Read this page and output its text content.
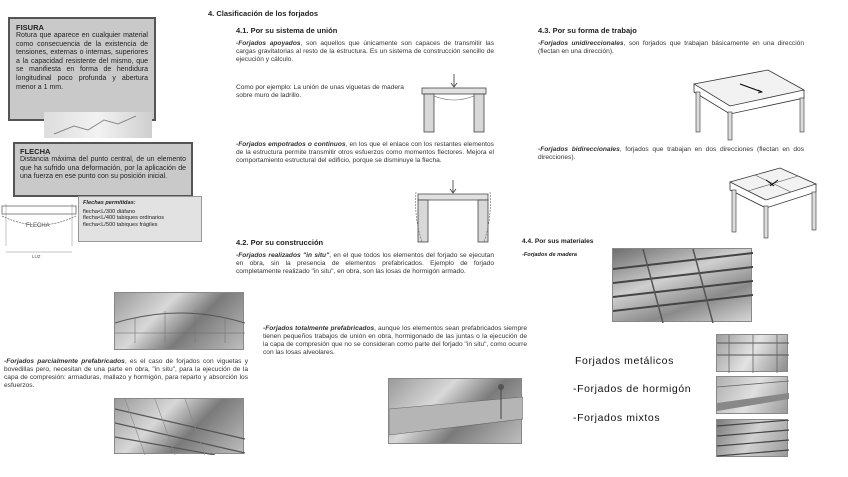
FISURA
Rotura que aparece en cualquier material como consecuencia de la existencia de tensiones, externas o internas, superiores a la capacidad resistente del mismo, que se manifiesta en forma de hendidura longitudinal poco profunda y abertura menor a 1 mm.
FLECHA
Distancia máxima del punto central, de un elemento que ha sufrido una deformación, por la aplicación de una fuerza en ese punto con su posición inicial.
FLECHA
LUZ
Flechas permitidas:
flecha<L/300 diáfano
flecha<L/400 tabiques ordinarios
flecha<L/500 tabiques frágiles
4. Clasificación de los forjados
4.1. Por su sistema de unión
-Forjados apoyados, son aquellos que únicamente son capaces de transmitir las cargas gravitatorias al resto de la estructura. Es un sistema de construcción sencillo de ejecución y cálculo.
Como por ejemplo: La unión de unas viguetas de madera sobre muro de ladrillo.
-Forjados empotrados o continuos, en los que el enlace con los restantes elementos de la estructura permite transmitir otros esfuerzos como momentos flectores. Mejora el comportamiento estructural del edificio, porque se disminuye la flecha.
4.2. Por su construcción
-Forjados realizados "in situ", en el que todos los elementos del forjado se ejecutan en obra, sin la presencia de elementos prefabricados. Ejemplo de forjado completamente realizado "in situ", en obra, son las losas de hormigón armado.
-Forjados parcialmente prefabricados, es el caso de forjados con viguetas y bovedillas pero, necesitan de una parte en obra, "in situ", para la ejecución de la capa de compresión: armaduras, mallazo y hormigón, para reparto y absorción los esfuerzos.
-Forjados totalmente prefabricados, aunque los elementos sean prefabricados siempre tienen pequeños trabajos de unión en obra, hormigonado de las juntas o la ejecución de la capa de compresión que no se consideran como parte del forjado "in situ", como ocurre con las losas alveolares.
4.3. Por su forma de trabajo
-Forjados unidireccionales, son forjados que trabajan básicamente en una dirección (flectan en una dirección).
-Forjados bidireccionales, forjados que trabajan en dos direcciones (flectan en dos direcciones).
4.4. Por sus materiales
-Forjados de madera
Forjados metálicos
-Forjados de hormigón
-Forjados mixtos
